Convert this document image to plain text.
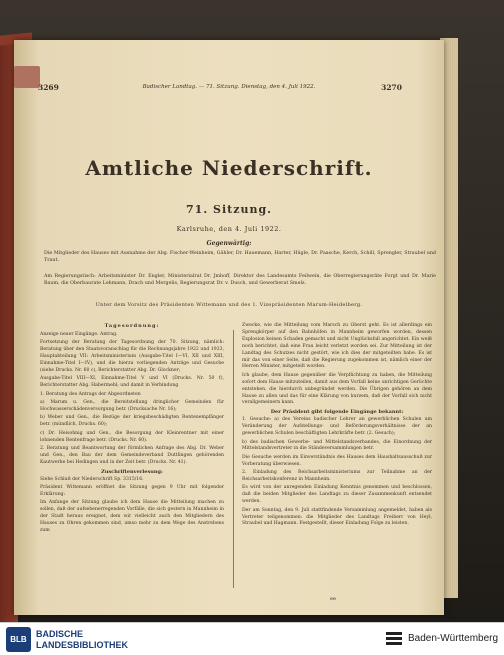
3269	Badischer Landtag. — 71. Sitzung. Dienstag, den 4. Juli 1922.	3270
Amtliche Niederschrift.
71. Sitzung.
Karlsruhe, den 4. Juli 1922.
Gegenwärtig:
Die Mitglieder des Hauses mit Ausnahme der Abg. Fischer-Weinheim, Gähler, Dr. Hauemann, Harter, Hügle, Dr. Paasche, Kerch, Schill, Sprengler, Straubel und Traut.
Am Regierungstisch: Arbeitsminister Dr. Engler, Ministerialrat Dr. Jmhoff, Direktor des Landesamts Feilwein, die Oberregierungsräte Forgt und Dr. Marie Baum, die Oberbaurate Lehmann, Drach und Mergelis, Regierungsrat Dr. v. Dusch, und Gewerberat Smelz.
Unter dem Vorsitz des Präsidenten Wittemann und des 1. Vizepräsidenten Marum-Heidelberg.
Tagesordnung:

Anzeige neuer Eingänge. Antrag.

Fortsetzung der Beratung der Tagesordnung der 70. Sitzung, nämlich: Beratung über den Staatsvoranschlag für die Rechnungsjahre 1922 und 1923, Hauptabteilung VII: Arbeitsministerium (Ausgabe-Titel I—VI, XII und XIII, Einnahme-Titel I—IV), und die hierzu vorliegenden Anträge und Gesuche (siehe Drucks. Nr. 60 c), Berichterstatter Abg. Dr. Glockner;

Ausgabe-Titel VIII—XI, Einnahme-Titel V und VI (Drucks. Nr. 50 f), Berichterstatter Abg. Habermehl; und damit in Verbindung

1. Beratung des Antrags der Abgeordneten

a) Marum u. Gen., die Bereitstellung dringlicher Gemeinden für Hochwasserschädenversorgung betr. (Drucksache Nr. 16);

b) Weber und Gen., die Bezüge der kriegsbeschädigten Rentenempfänger betr. (mündlich, Drucks. 60);

c) Dr. Heisohnig und Gen., die Besorgung der Kleinrentner mit einer lohnenden Rentenfrage betr. (Drucks. Nr. 60).

2. Beratung und Beantwortung der förmlichen Anfrage des Abg. Dr. Weber und Gen., den Bau der dem Gemeindeverband Duttlingen gehörenden Kautwerke bei Hedingen und in der Zeit betr. (Drucks. Nr. 41).

Zuschriftenverlesung:

Siehe Schluß der Niederschrift Sp. 3315/16.

Präsident Wittemann eröffnet die Sitzung gegen 9 Uhr mit folgender Erklärung:

Im Anfange der Sitzung glaube ich dem Hause die Mitteilung machen zu sollen, daß der aufsehenerregenden Vorfälle, die sich gestern in Mannheim in der Stadt heraus ereignet, dem wir vielleicht auch den Mitgliedern des Hauses zu Ohren gekommen sind, umso mehr zu dem Wege des Anstrebens zum

Zwecke, wie die Mitteilung vom Marsch zu Oberst geht. Es ist allerdings ein Sprengkörper auf den Bahnhöfen in Mannheim geworfen worden, dessen Explosion keinen Schaden gemacht und nicht Unglücksfall angerichtet. Ein weiß noch berichtet, daß eine Frau leicht verletzt worden sei. Zur Mitteilung ist der Landtag des Schutzes nicht gestört, wie ich dies der mitgeteilten habe. Es ist mir das von einer Seite, daß die Regierung zugekommen ist, nämlich einer der Herren Minister, mitgeteilt worden.

Ich glaube, dem Hause gegenüber die Verpflichtung zu haben, die Mitteilung sofort dem Hause mitzuteilen, damit aus dem Vorfall keine unrichtigen Gerüchte entstehen, die hierdurch unbegründet werden. Die Übrigen gehören an dem Hause zu allen und das für eine Klärung von kurzem, daß der Vorfall sich nicht verallgemeinern kann.

Der Präsident gibt folgende Eingänge bekannt:

1. Gesuche: a) des Vereins badischer Lehrer an gewerblichen Schulen um Veränderung der Aufstellungs- und Beförderungsverhältnisse der an gewerblichen Schulen beschäftigten Lehrkräfte betr. (2. Gesuch);

b) des badischen Gewerbe- und Mittelstandsverbandes, die Einordnung der Mittelstandsvertreter in die Ständeversammlungen betr.

Die Gesuche werden im Einverständnis des Hauses dem Haushaltsausschuß zur Vorberatung überwiesen.

2. Einladung des Reichsarbeitsministeriums zur Teilnahme an der Reichsarbeitskonferenz in Mannheim.

Es wird von der anregenden Einladung Kenntnis genommen und beschlossen, daß die beiden Mitglieder des Landtags zu dieser Zusammenkunft entsendet werden.

Der am Sonntag, den 9. Juli stattfindende Versammlung angemeldet, haben als Vertreter teilgenommen: die Mitglieder des Landtags Freiherr von Heyl, Straubel und Hagmann. Festgestellt, dieser Einladung Folge zu leisten.

ee
BLB
BADISCHE
LANDESBIBLIOTHEK
Baden-Württemberg
